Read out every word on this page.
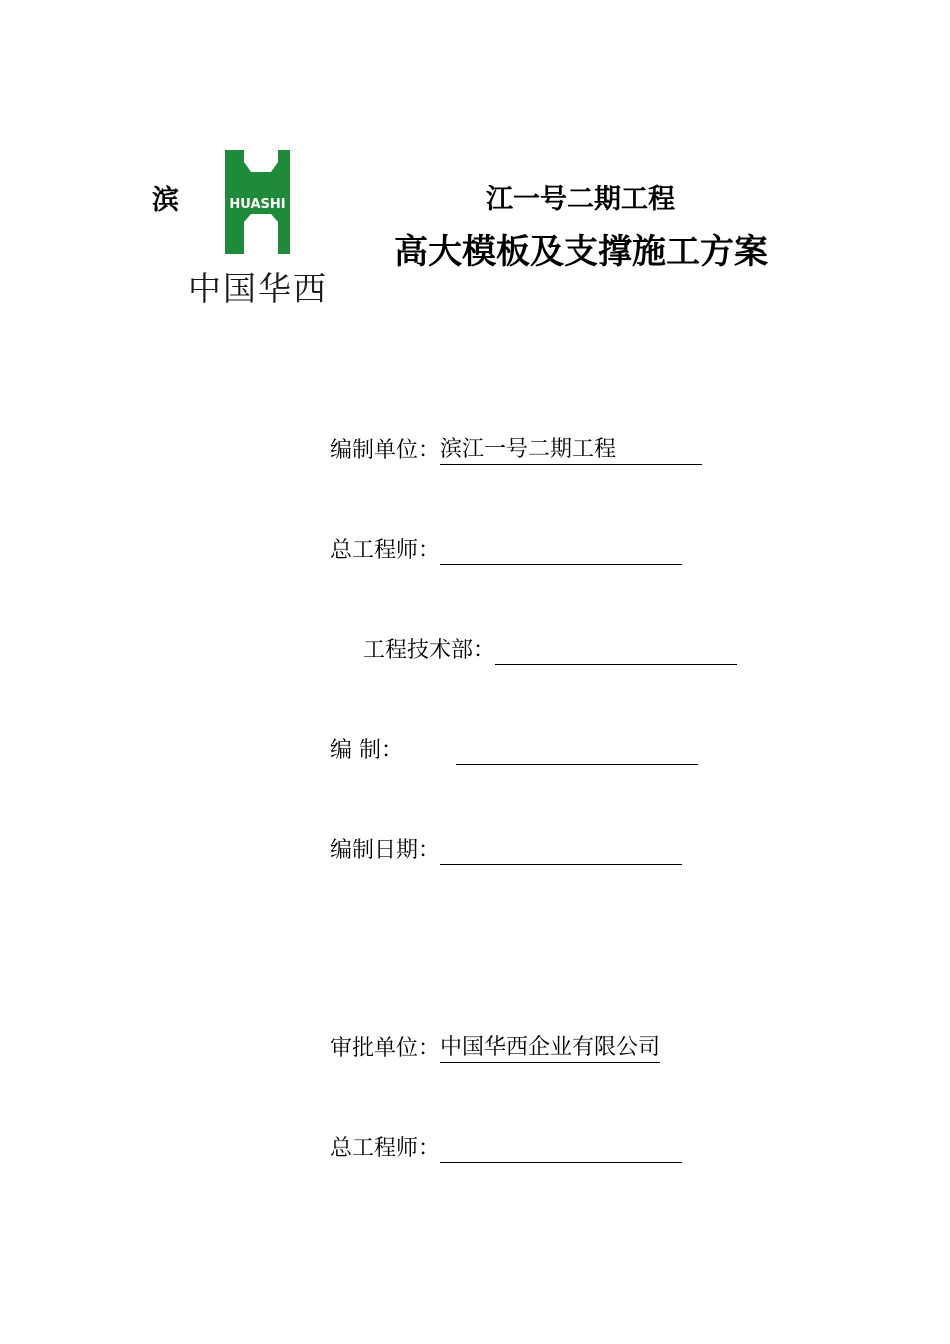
滨	HUASHI
中国华西
江一号二期工程
高大模板及支撑施工方案
编制单位： 滨江一号二期工程
总工程师：
工程技术部：
编 制：
编制日期：
审批单位： 中国华西企业有限公司
总工程师：
